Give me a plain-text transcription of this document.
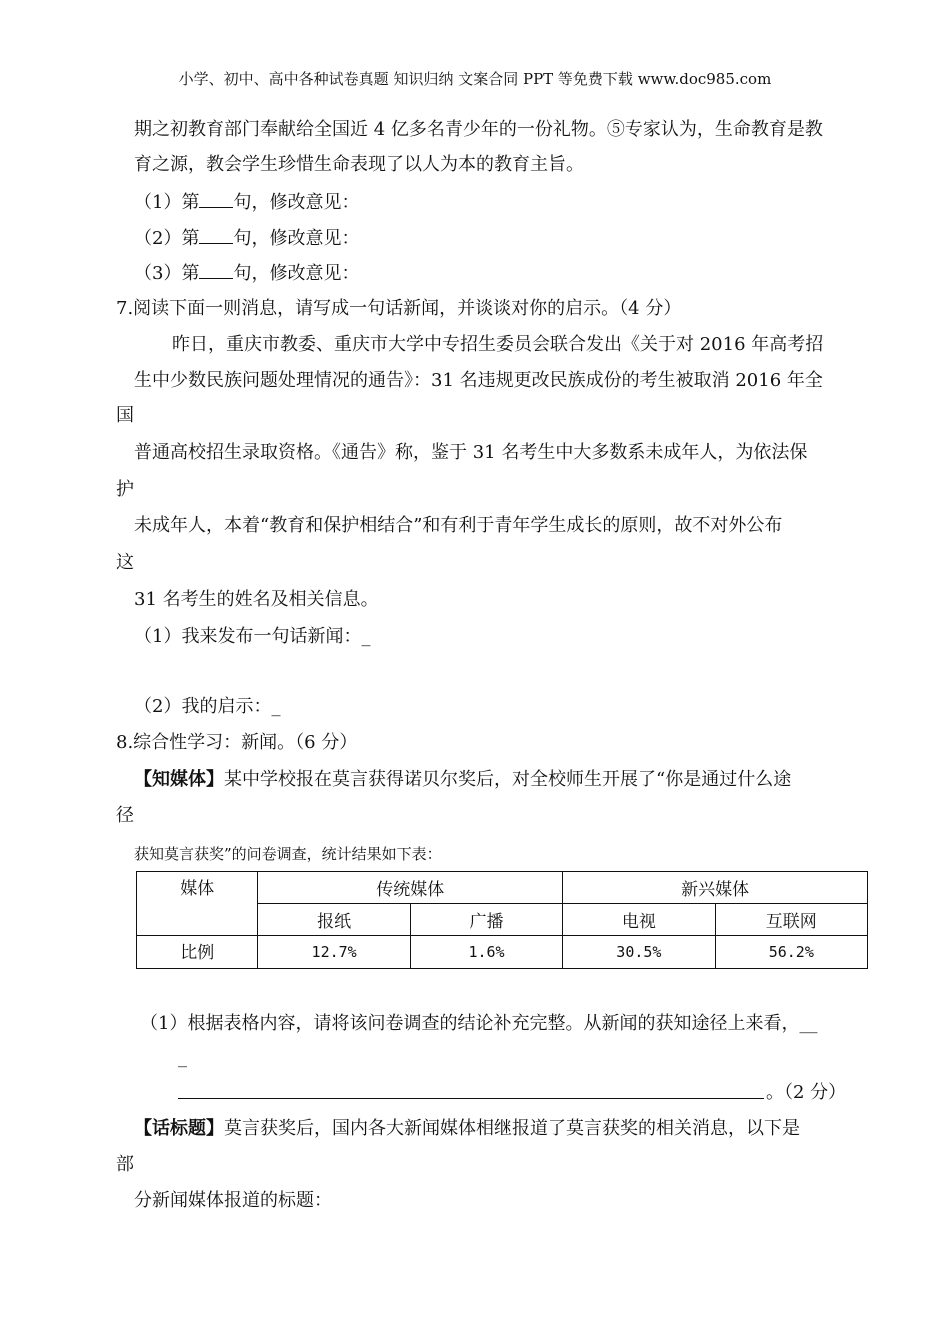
小学、初中、高中各种试卷真题 知识归纳 文案合同 PPT 等免费下载 www.doc985.com
期之初教育部门奉献给全国近 4 亿多名青少年的一份礼物。⑤专家认为，生命教育是教
育之源，教会学生珍惜生命表现了以人为本的教育主旨。
（1）第 句，修改意见：
（2）第 句，修改意见：
（3）第 句，修改意见：
7.阅读下面一则消息，请写成一句话新闻，并谈谈对你的启示。（4 分）
昨日，重庆市教委、重庆市大学中专招生委员会联合发出《关于对 2016 年高考招
生中少数民族问题处理情况的通告》：31 名违规更改民族成份的考生被取消 2016 年全
国
普通高校招生录取资格。《通告》称，鉴于 31 名考生中大多数系未成年人，为依法保
护
未成年人，本着“教育和保护相结合”和有利于青年学生成长的原则，故不对外公布
这
31 名考生的姓名及相关信息。
（1）我来发布一句话新闻：_
（2）我的启示：_
8.综合性学习：新闻。（6 分）
【知媒体】某中学校报在莫言获得诺贝尔奖后，对全校师生开展了“你是通过什么途
径
获知莫言获奖”的问卷调查，统计结果如下表：
媒体	传统媒体		新兴媒体	
	报纸	广播	电视	互联网
比例	12.7%	1.6%	30.5%	56.2%
（1）根据表格内容，请将该问卷调查的结论补充完整。从新闻的获知途径上来看，__
_
。（2 分）
【话标题】莫言获奖后，国内各大新闻媒体相继报道了莫言获奖的相关消息，以下是
部
分新闻媒体报道的标题：
